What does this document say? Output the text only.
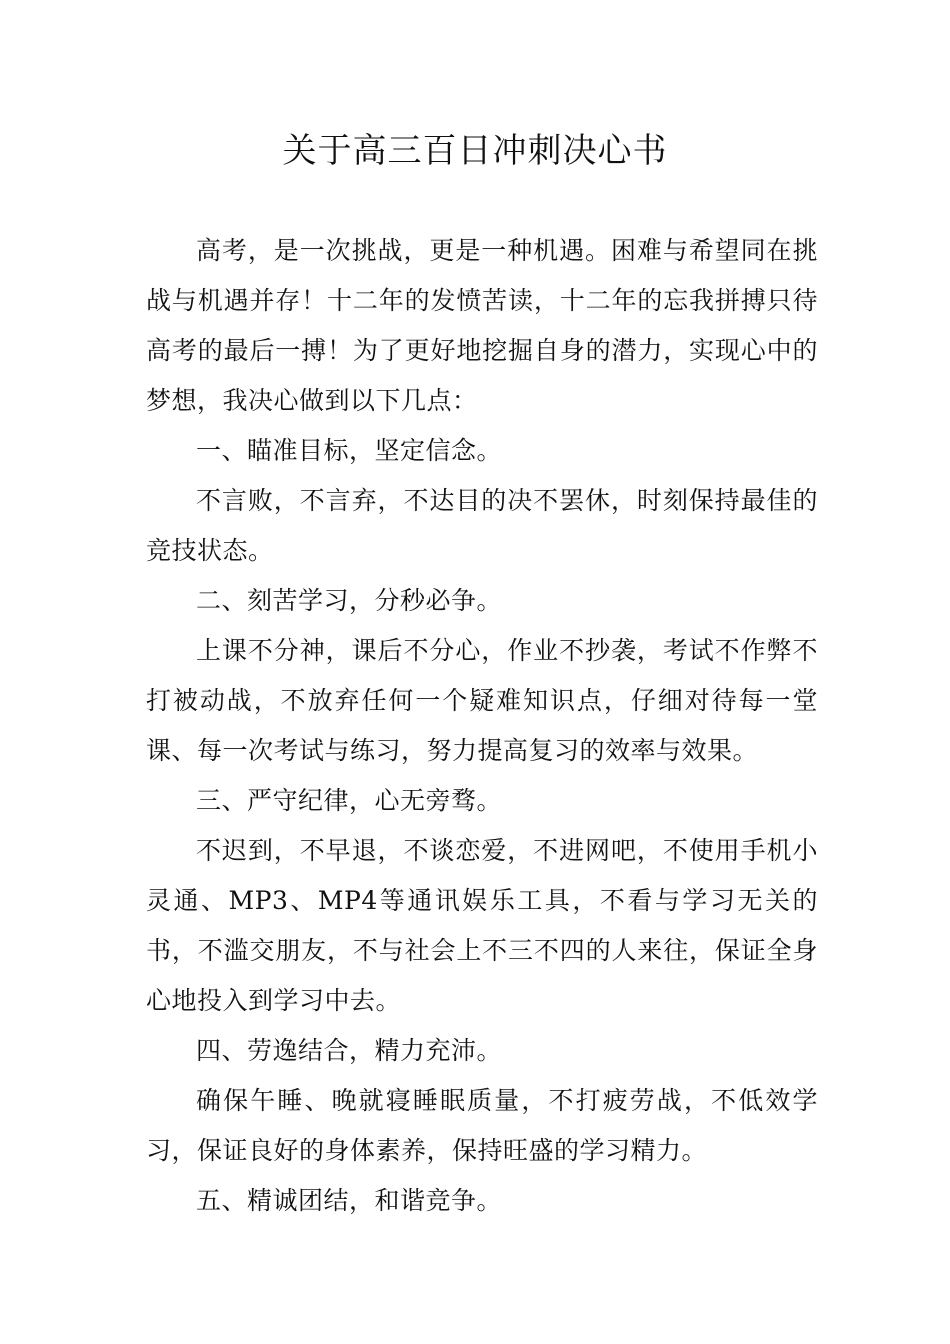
关于高三百日冲刺决心书

高考，是一次挑战，更是一种机遇。困难与希望同在挑战与机遇并存！十二年的发愤苦读，十二年的忘我拼搏只待高考的最后一搏！为了更好地挖掘自身的潜力，实现心中的梦想，我决心做到以下几点：

一、瞄准目标，坚定信念。

不言败，不言弃，不达目的决不罢休，时刻保持最佳的竞技状态。

二、刻苦学习，分秒必争。

上课不分神，课后不分心，作业不抄袭，考试不作弊不打被动战，不放弃任何一个疑难知识点，仔细对待每一堂课、每一次考试与练习，努力提高复习的效率与效果。

三、严守纪律，心无旁骛。

不迟到，不早退，不谈恋爱，不进网吧，不使用手机小灵通、MP3、MP4等通讯娱乐工具，不看与学习无关的书，不滥交朋友，不与社会上不三不四的人来往，保证全身心地投入到学习中去。

四、劳逸结合，精力充沛。

确保午睡、晚就寝睡眠质量，不打疲劳战，不低效学习，保证良好的身体素养，保持旺盛的学习精力。

五、精诚团结，和谐竞争。
